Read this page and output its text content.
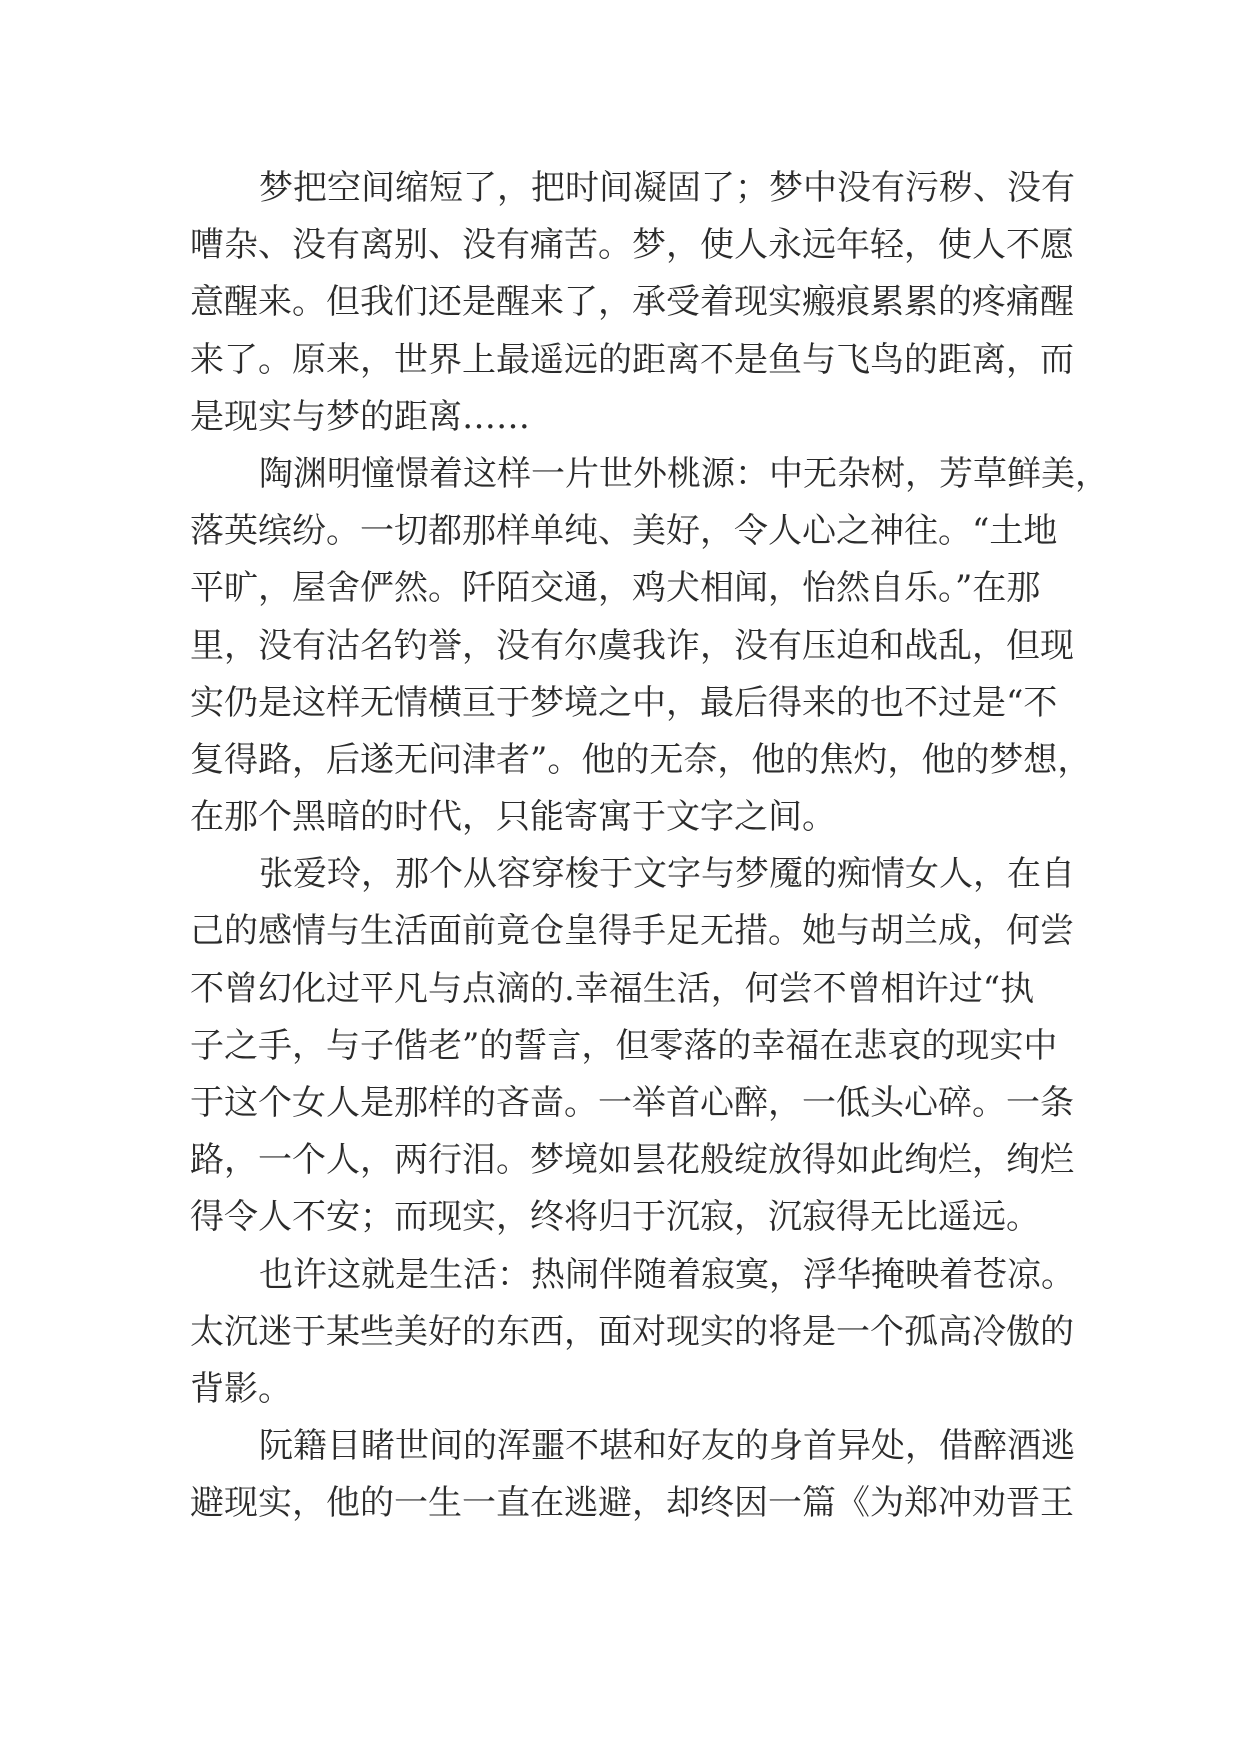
梦把空间缩短了，把时间凝固了；梦中没有污秽、没有
嘈杂、没有离别、没有痛苦。梦，使人永远年轻，使人不愿
意醒来。但我们还是醒来了，承受着现实瘢痕累累的疼痛醒
来了。原来，世界上最遥远的距离不是鱼与飞鸟的距离，而
是现实与梦的距离……
陶渊明憧憬着这样一片世外桃源：中无杂树，芳草鲜美，
落英缤纷。一切都那样单纯、美好，令人心之神往。“土地
平旷，屋舍俨然。阡陌交通，鸡犬相闻，怡然自乐。”在那
里，没有沽名钓誉，没有尔虞我诈，没有压迫和战乱，但现
实仍是这样无情横亘于梦境之中，最后得来的也不过是“不
复得路，后遂无问津者”。他的无奈，他的焦灼，他的梦想，
在那个黑暗的时代，只能寄寓于文字之间。
张爱玲，那个从容穿梭于文字与梦魇的痴情女人，在自
己的感情与生活面前竟仓皇得手足无措。她与胡兰成，何尝
不曾幻化过平凡与点滴的.幸福生活，何尝不曾相许过“执
子之手，与子偕老”的誓言，但零落的幸福在悲哀的现实中
于这个女人是那样的吝啬。一举首心醉，一低头心碎。一条
路，一个人，两行泪。梦境如昙花般绽放得如此绚烂，绚烂
得令人不安；而现实，终将归于沉寂，沉寂得无比遥远。
也许这就是生活：热闹伴随着寂寞，浮华掩映着苍凉。
太沉迷于某些美好的东西，面对现实的将是一个孤高冷傲的
背影。
阮籍目睹世间的浑噩不堪和好友的身首异处，借醉酒逃
避现实，他的一生一直在逃避，却终因一篇《为郑冲劝晋王
